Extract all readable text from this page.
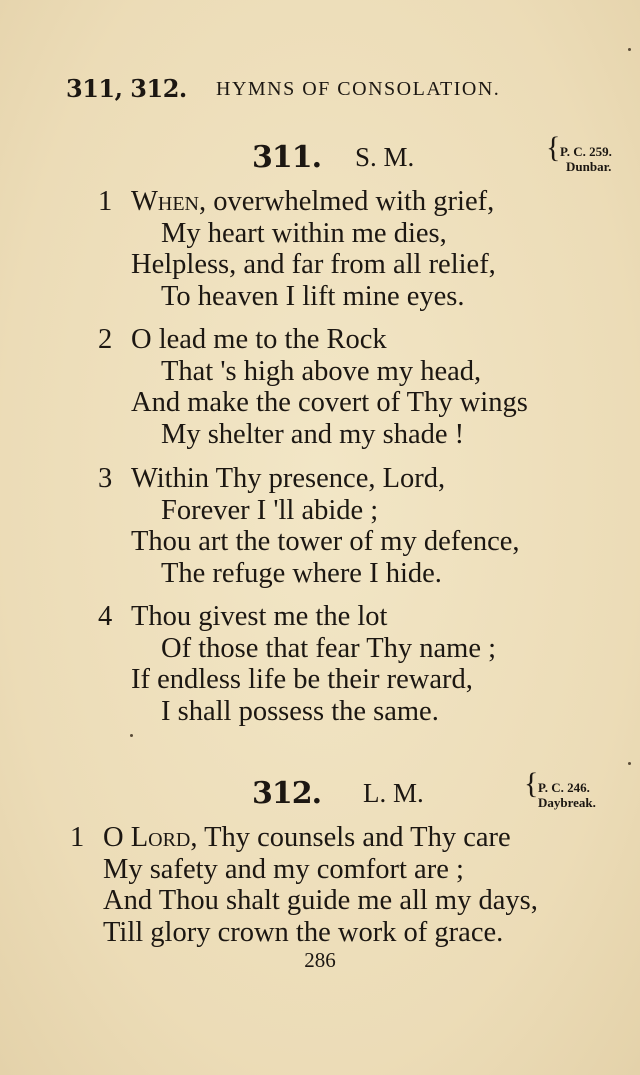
311, 312. HYMNS OF CONSOLATION.
311. S. M.	{ P. C. 259.
Dunbar.
1 When, overwhelmed with grief,
My heart within me dies,
Helpless, and far from all relief,
To heaven I lift mine eyes.
2 O lead me to the Rock
That 's high above my head,
And make the covert of Thy wings
My shelter and my shade !
3 Within Thy presence, Lord,
Forever I 'll abide ;
Thou art the tower of my defence,
The refuge where I hide.
4 Thou givest me the lot
Of those that fear Thy name ;
If endless life be their reward,
I shall possess the same.
312. L. M.	{ P. C. 246.
Daybreak.
1 O Lord, Thy counsels and Thy care
My safety and my comfort are ;
And Thou shalt guide me all my days,
Till glory crown the work of grace.
286
